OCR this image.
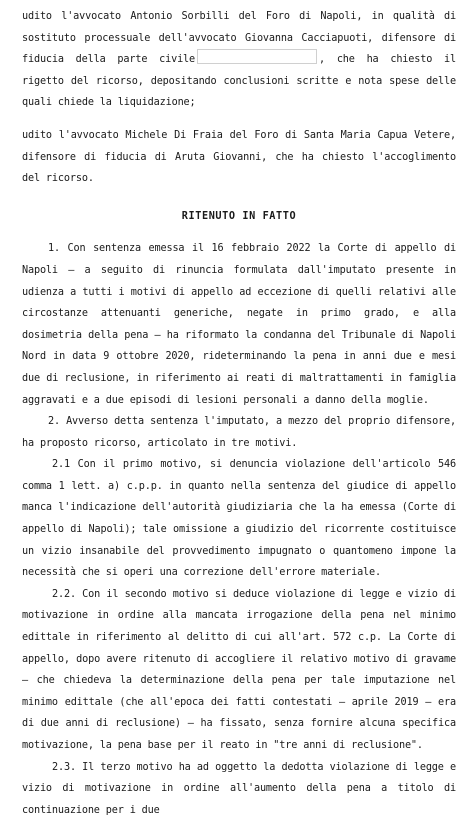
udito l'avvocato Antonio Sorbilli del Foro di Napoli, in qualità di sostituto processuale dell'avvocato Giovanna Cacciapuoti, difensore di fiducia della parte civile	, che ha chiesto il rigetto del ricorso, depositando conclusioni scritte e nota spese delle quali chiede la liquidazione;

udito l'avvocato Michele Di Fraia del Foro di Santa Maria Capua Vetere, difensore di fiducia di Aruta Giovanni, che ha chiesto l'accoglimento del ricorso.

RITENUTO IN FATTO

1. Con sentenza emessa il 16 febbraio 2022 la Corte di appello di Napoli – a seguito di rinuncia formulata dall'imputato presente in udienza a tutti i motivi di appello ad eccezione di quelli relativi alle circostanze attenuanti generiche, negate in primo grado, e alla dosimetria della pena – ha riformato la condanna del Tribunale di Napoli Nord in data 9 ottobre 2020, rideterminando la pena in anni due e mesi due di reclusione, in riferimento ai reati di maltrattamenti in famiglia aggravati e a due episodi di lesioni personali a danno della moglie.

2. Avverso detta sentenza l'imputato, a mezzo del proprio difensore, ha proposto ricorso, articolato in tre motivi.

2.1 Con il primo motivo, si denuncia violazione dell'articolo 546 comma 1 lett. a) c.p.p. in quanto nella sentenza del giudice di appello manca l'indicazione dell'autorità giudiziaria che la ha emessa (Corte di appello di Napoli); tale omissione a giudizio del ricorrente costituisce un vizio insanabile del provvedimento impugnato o quantomeno impone la necessità che si operi una correzione dell'errore materiale.

2.2. Con il secondo motivo si deduce violazione di legge e vizio di motivazione in ordine alla mancata irrogazione della pena nel minimo edittale in riferimento al delitto di cui all'art. 572 c.p. La Corte di appello, dopo avere ritenuto di accogliere il relativo motivo di gravame – che chiedeva la determinazione della pena per tale imputazione nel minimo edittale (che all'epoca dei fatti contestati – aprile 2019 – era di due anni di reclusione) – ha fissato, senza fornire alcuna specifica motivazione, la pena base per il reato in "tre anni di reclusione".

2.3. Il terzo motivo ha ad oggetto la dedotta violazione di legge e vizio di motivazione in ordine all'aumento della pena a titolo di continuazione per i due
